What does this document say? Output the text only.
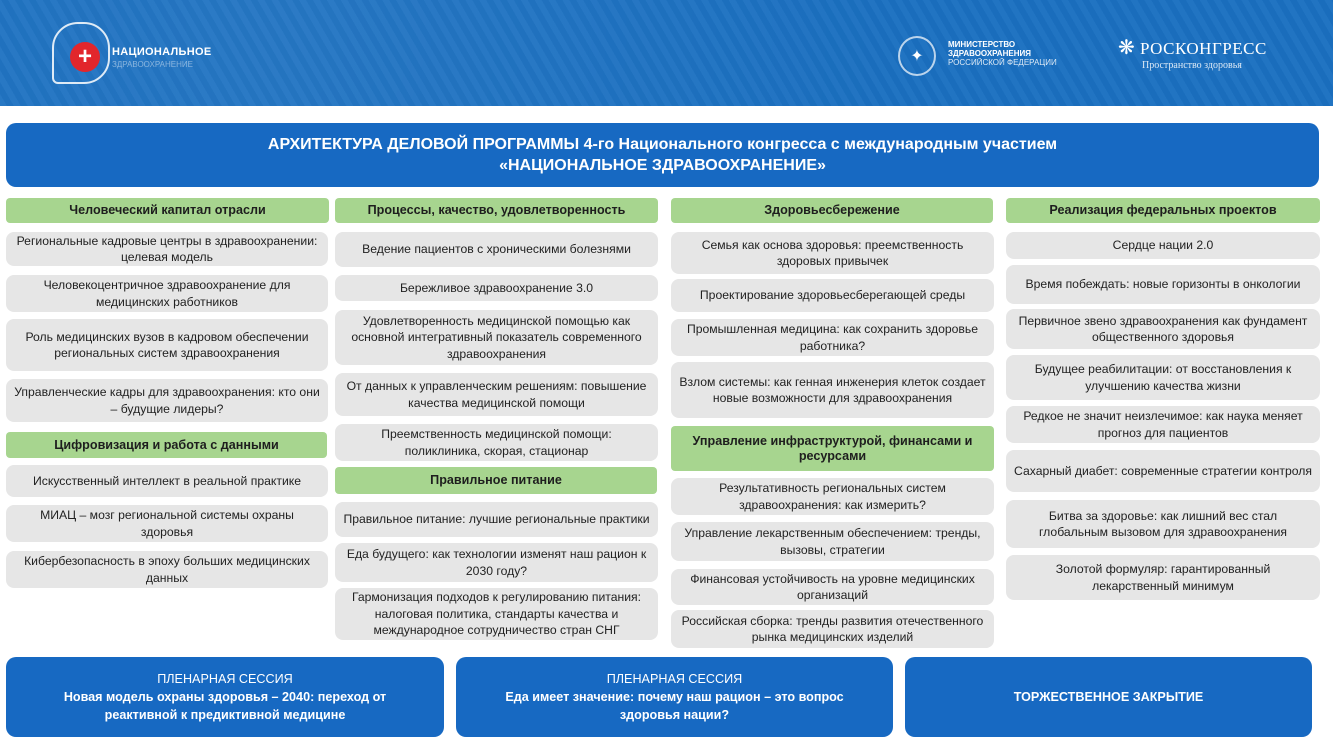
+ НАЦИОНАЛЬНОЕ
ЗДРАВООХРАНЕНИЕ	✦
МИНИСТЕРСТВО
ЗДРАВООХРАНЕНИЯ
РОССИЙСКОЙ ФЕДЕРАЦИИ
❋ РОСКОНГРЕСС
Пространство здоровья
АРХИТЕКТУРА ДЕЛОВОЙ ПРОГРАММЫ 4-го Национального конгресса с международным участием
«НАЦИОНАЛЬНОЕ ЗДРАВООХРАНЕНИЕ»
Человеческий капитал отрасли
Региональные кадровые центры в здравоохранении: целевая модель
Человекоцентричное здравоохранение для медицинских работников
Роль медицинских вузов в кадровом обеспечении региональных систем здравоохранения
Управленческие кадры для здравоохранения: кто они – будущие лидеры?
Цифровизация и работа с данными
Искусственный интеллект в реальной практике
МИАЦ – мозг региональной системы охраны здоровья
Кибербезопасность в эпоху больших медицинских данных
Процессы, качество, удовлетворенность
Ведение пациентов с хроническими болезнями
Бережливое здравоохранение 3.0
Удовлетворенность медицинской помощью как основной интегративный показатель современного здравоохранения
От данных к управленческим решениям: повышение качества медицинской помощи
Преемственность медицинской помощи: поликлиника, скорая, стационар
Правильное питание
Правильное питание: лучшие региональные практики
Еда будущего: как технологии изменят наш рацион к 2030 году?
Гармонизация подходов к регулированию питания: налоговая политика, стандарты качества и международное сотрудничество стран СНГ
Здоровьесбережение
Семья как основа здоровья: преемственность здоровых привычек
Проектирование здоровьесберегающей среды
Промышленная медицина: как сохранить здоровье работника?
Взлом системы: как генная инженерия клеток создает новые возможности для здравоохранения
Управление инфраструктурой, финансами и ресурсами
Результативность региональных систем здравоохранения: как измерить?
Управление лекарственным обеспечением: тренды, вызовы, стратегии
Финансовая устойчивость на уровне медицинских организаций
Российская сборка: тренды развития отечественного рынка медицинских изделий
Реализация федеральных проектов
Сердце нации 2.0
Время побеждать: новые горизонты в онкологии
Первичное звено здравоохранения как фундамент общественного здоровья
Будущее реабилитации: от восстановления к улучшению качества жизни
Редкое не значит неизлечимое: как наука меняет прогноз для пациентов
Сахарный диабет: современные стратегии контроля
Битва за здоровье: как лишний вес стал глобальным вызовом для здравоохранения
Золотой формуляр: гарантированный лекарственный минимум
ПЛЕНАРНАЯ СЕССИЯ
Новая модель охраны здоровья – 2040: переход от реактивной к предиктивной медицине
ПЛЕНАРНАЯ СЕССИЯ
Еда имеет значение: почему наш рацион – это вопрос здоровья нации?
ТОРЖЕСТВЕННОЕ ЗАКРЫТИЕ
